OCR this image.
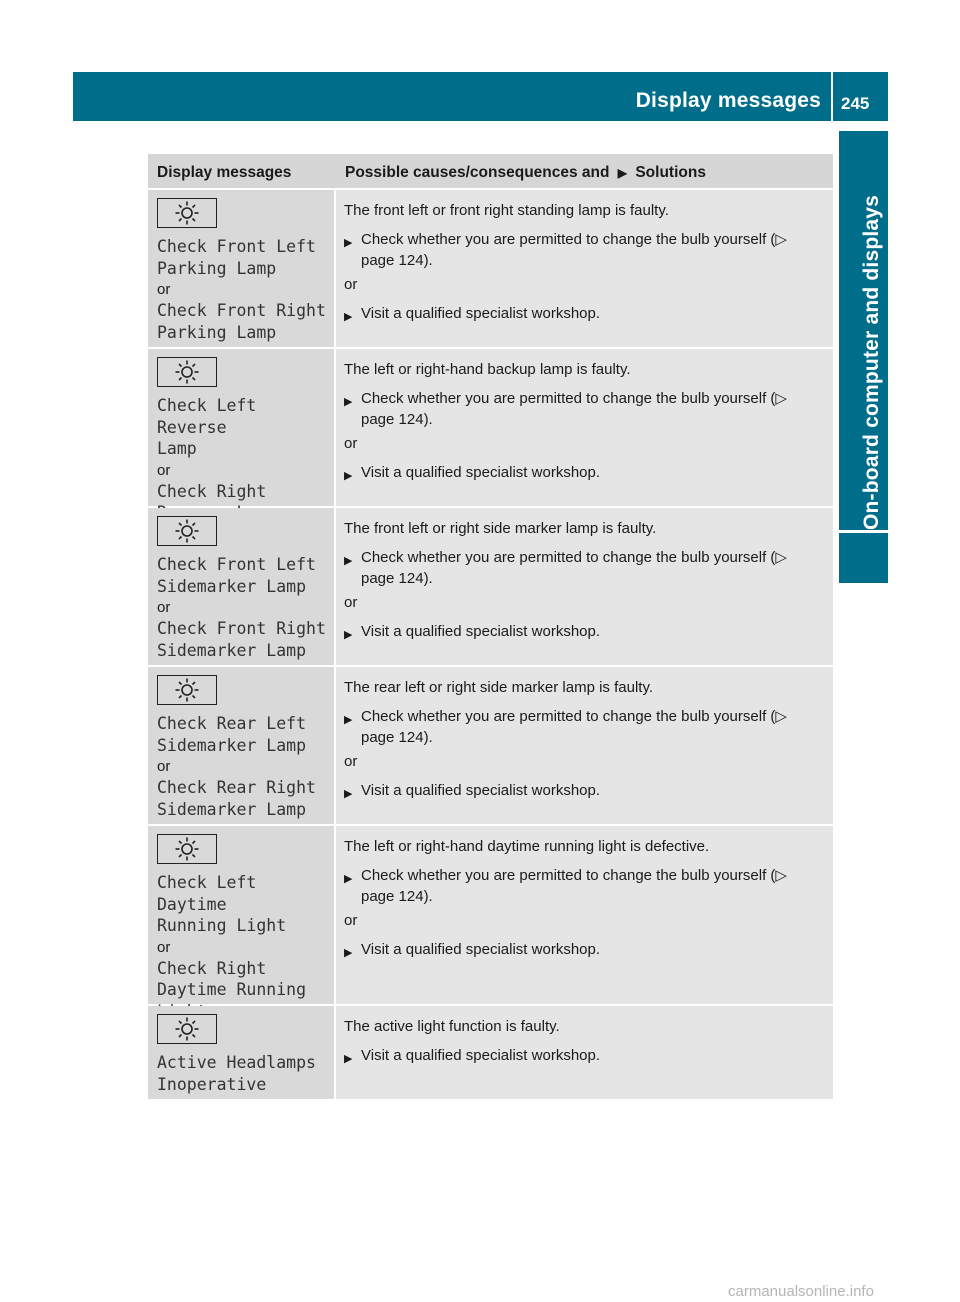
Display messages 245
On-board computer and displays
Display messages	Possible causes/consequences and ▶ Solutions
Check Front Left
Parking Lamp
or
Check Front Right
Parking Lamp
The front left or front right standing lamp is faulty.
▶ Check whether you are permitted to change the bulb yourself (▷ page 124).
or
▶ Visit a qualified specialist workshop.
Check Left Reverse
Lamp
or
Check Right

The left or right-hand backup lamp is faulty.
▶ Check whether you are permitted to change the bulb yourself (▷ page 124).
or
▶ Visit a qualified specialist workshop.
Check Front Left
Sidemarker Lamp
or
Check Front Right
Sidemarker Lamp
The front left or right side marker lamp is faulty.
▶ Check whether you are permitted to change the bulb yourself (▷ page 124).
or
▶ Visit a qualified specialist workshop.
Check Rear Left
Sidemarker Lamp
or
Check Rear Right
Sidemarker Lamp
The rear left or right side marker lamp is faulty.
▶ Check whether you are permitted to change the bulb yourself (▷ page 124).
or
▶ Visit a qualified specialist workshop.
Check Left Daytime
Running Light
or
Check Right
Daytime Running

The left or right-hand daytime running light is defective.
▶ Check whether you are permitted to change the bulb yourself (▷ page 124).
or
▶ Visit a qualified specialist workshop.
Active Headlamps
Inoperative
The active light function is faulty.
▶ Visit a qualified specialist workshop.
carmanualsonline.info
